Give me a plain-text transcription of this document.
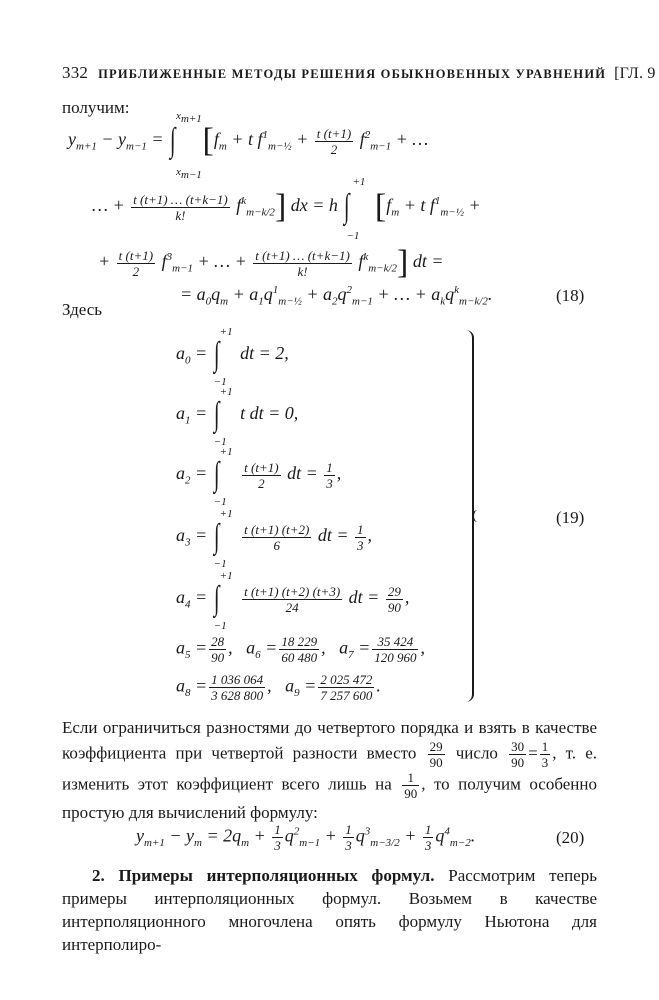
332 ПРИБЛИЖЕННЫЕ МЕТОДЫ РЕШЕНИЯ ОБЫКНОВЕННЫХ УРАВНЕНИЙ [ГЛ. 9
получим:
$y_{m+1} - y_{m-1}$ = ∫
$x_{m+1}$
$x_{m-1}$
[$f_m + t$ $f^1_{m-\frac{1}{2}} + \frac{t (t+1)}{2} f^2_{m-1}$ + …
… + $\frac{t (t+1) \dots (t+k-1)}{k!} f^k_{m-k/2}$] dx = h ∫
+1
−1
[$f_m + t$ $f^1_{m-\frac{1}{2}}$ +
+ $\frac{t (t+1)}{2} f^3_{m-1}$ + … + $\frac{t (t+1) \dots (t+k-1)}{k!} f^k_{m-k/2}$] dt =
= $a_0q_m + a_1q^1_{m-\frac{1}{2}} + a_2q^2_{m-1}$ + … + $a_kq^k_{m-k/2}$.	(18)
Здесь
$a_0$ = ∫
+1
−1
dt = 2,
$a_1$ = ∫
+1
−1
t dt = 0,
$a_2$ = ∫
+1
−1

$\frac{t (t+1)}{2}$ dt = $\frac{1}{3}$ ,
$a_3$ = ∫
+1
−1

$\frac{t (t+1) (t+2)}{6}$ dt = $\frac{1}{3}$ ,
(19)
$a_4$ = ∫
+1
−1

$\frac{t (t+1) (t+2) (t+3)}{24}$ dt = $\frac{29}{90}$ ,
$a_5 = \frac{28}{90}$ ,   $a_6 = \frac{18 229}{60 480}$ ,   $a_7 = \frac{35 424}{120 960}$ ,
$a_8 = \frac{1 036 064}{3 628 800}$ ,   $a_9 = \frac{2 025 472}{7 257 600}$ .
Если ограничиться разностями до четвертого порядка и взять в качестве коэффициента при четвертой разности вместо $\frac{29}{90}$ число $\frac{30}{90} = \frac{1}{3}$ , т. е. изменить этот коэффициент всего лишь на $\frac{1}{90}$ , то получим особенно простую для вычислений формулу:
$y_{m+1} - y_m = 2q_m + \frac{1}{3} q^2_{m-1} + \frac{1}{3} q^3_{m-3/2} + \frac{1}{3} q^4_{m-2}$.	(20)
2. Примеры интерполяционных формул. Рассмотрим теперь примеры интерполяционных формул. Возьмем в качестве интерполяционного многочлена опять формулу Ньютона для интерполиро-
